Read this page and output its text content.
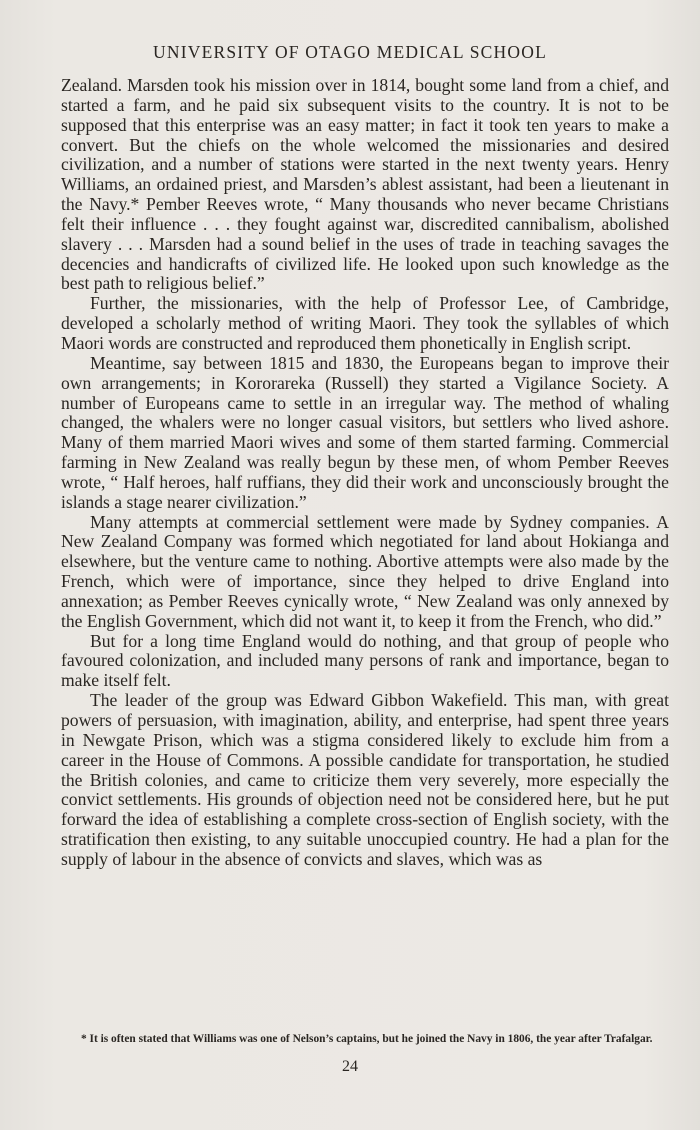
UNIVERSITY OF OTAGO MEDICAL SCHOOL

Zealand. Marsden took his mission over in 1814, bought some land from a chief, and started a farm, and he paid six subsequent visits to the country. It is not to be supposed that this enterprise was an easy matter; in fact it took ten years to make a convert. But the chiefs on the whole welcomed the missionaries and desired civilization, and a number of stations were started in the next twenty years. Henry Williams, an ordained priest, and Marsden’s ablest assistant, had been a lieutenant in the Navy.* Pember Reeves wrote, “ Many thousands who never became Christians felt their influence . . . they fought against war, discredited cannibalism, abolished slavery . . . Marsden had a sound belief in the uses of trade in teaching savages the decencies and handicrafts of civilized life. He looked upon such knowledge as the best path to religious belief.”

Further, the missionaries, with the help of Professor Lee, of Cambridge, developed a scholarly method of writing Maori. They took the syllables of which Maori words are constructed and reproduced them phonetically in English script.

Meantime, say between 1815 and 1830, the Europeans began to improve their own arrangements; in Kororareka (Russell) they started a Vigilance Society. A number of Europeans came to settle in an irregular way. The method of whaling changed, the whalers were no longer casual visitors, but settlers who lived ashore. Many of them married Maori wives and some of them started farming. Commercial farming in New Zealand was really begun by these men, of whom Pember Reeves wrote, “ Half heroes, half ruffians, they did their work and unconsciously brought the islands a stage nearer civilization.”

Many attempts at commercial settlement were made by Sydney companies. A New Zealand Company was formed which negotiated for land about Hokianga and elsewhere, but the venture came to nothing. Abortive attempts were also made by the French, which were of importance, since they helped to drive England into annexation; as Pember Reeves cynically wrote, “ New Zealand was only annexed by the English Government, which did not want it, to keep it from the French, who did.”

But for a long time England would do nothing, and that group of people who favoured colonization, and included many persons of rank and importance, began to make itself felt.

The leader of the group was Edward Gibbon Wakefield. This man, with great powers of persuasion, with imagination, ability, and enterprise, had spent three years in Newgate Prison, which was a stigma considered likely to exclude him from a career in the House of Commons. A possible candidate for transportation, he studied the British colonies, and came to criticize them very severely, more especially the convict settlements. His grounds of objection need not be considered here, but he put forward the idea of establishing a complete cross-section of English society, with the stratification then existing, to any suitable unoccupied country. He had a plan for the supply of labour in the absence of convicts and slaves, which was as

* It is often stated that Williams was one of Nelson’s captains, but he joined the Navy in 1806, the year after Trafalgar.

24
